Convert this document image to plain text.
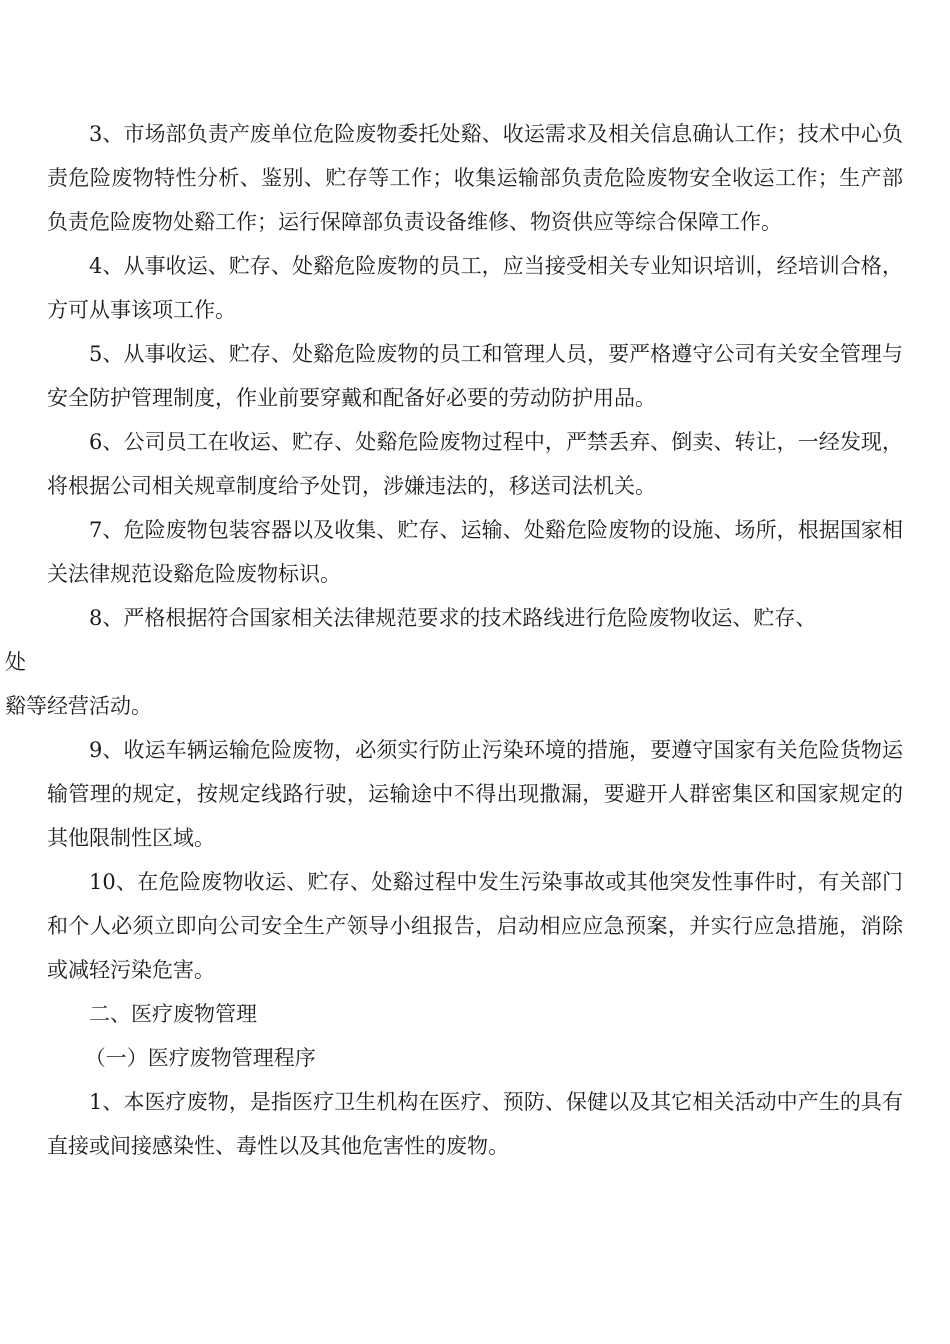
3、市场部负责产废单位危险废物委托处谿、收运需求及相关信息确认工作；技术中心负责危险废物特性分析、鉴别、贮存等工作；收集运输部负责危险废物安全收运工作；生产部负责危险废物处谿工作；运行保障部负责设备维修、物资供应等综合保障工作。

4、从事收运、贮存、处谿危险废物的员工，应当接受相关专业知识培训，经培训合格，方可从事该项工作。

5、从事收运、贮存、处谿危险废物的员工和管理人员，要严格遵守公司有关安全管理与安全防护管理制度，作业前要穿戴和配备好必要的劳动防护用品。

6、公司员工在收运、贮存、处谿危险废物过程中，严禁丢弃、倒卖、转让，一经发现，将根据公司相关规章制度给予处罚，涉嫌违法的，移送司法机关。

7、危险废物包装容器以及收集、贮存、运输、处谿危险废物的设施、场所，根据国家相关法律规范设谿危险废物标识。

8、严格根据符合国家相关法律规范要求的技术路线进行危险废物收运、贮存、
处
谿等经营活动。

9、收运车辆运输危险废物，必须实行防止污染环境的措施，要遵守国家有关危险货物运输管理的规定，按规定线路行驶，运输途中不得出现撒漏，要避开人群密集区和国家规定的其他限制性区域。

10、在危险废物收运、贮存、处谿过程中发生污染事故或其他突发性事件时，有关部门和个人必须立即向公司安全生产领导小组报告，启动相应应急预案，并实行应急措施，消除或减轻污染危害。

二、医疗废物管理

（一）医疗废物管理程序

1、本医疗废物，是指医疗卫生机构在医疗、预防、保健以及其它相关活动中产生的具有直接或间接感染性、毒性以及其他危害性的废物。
